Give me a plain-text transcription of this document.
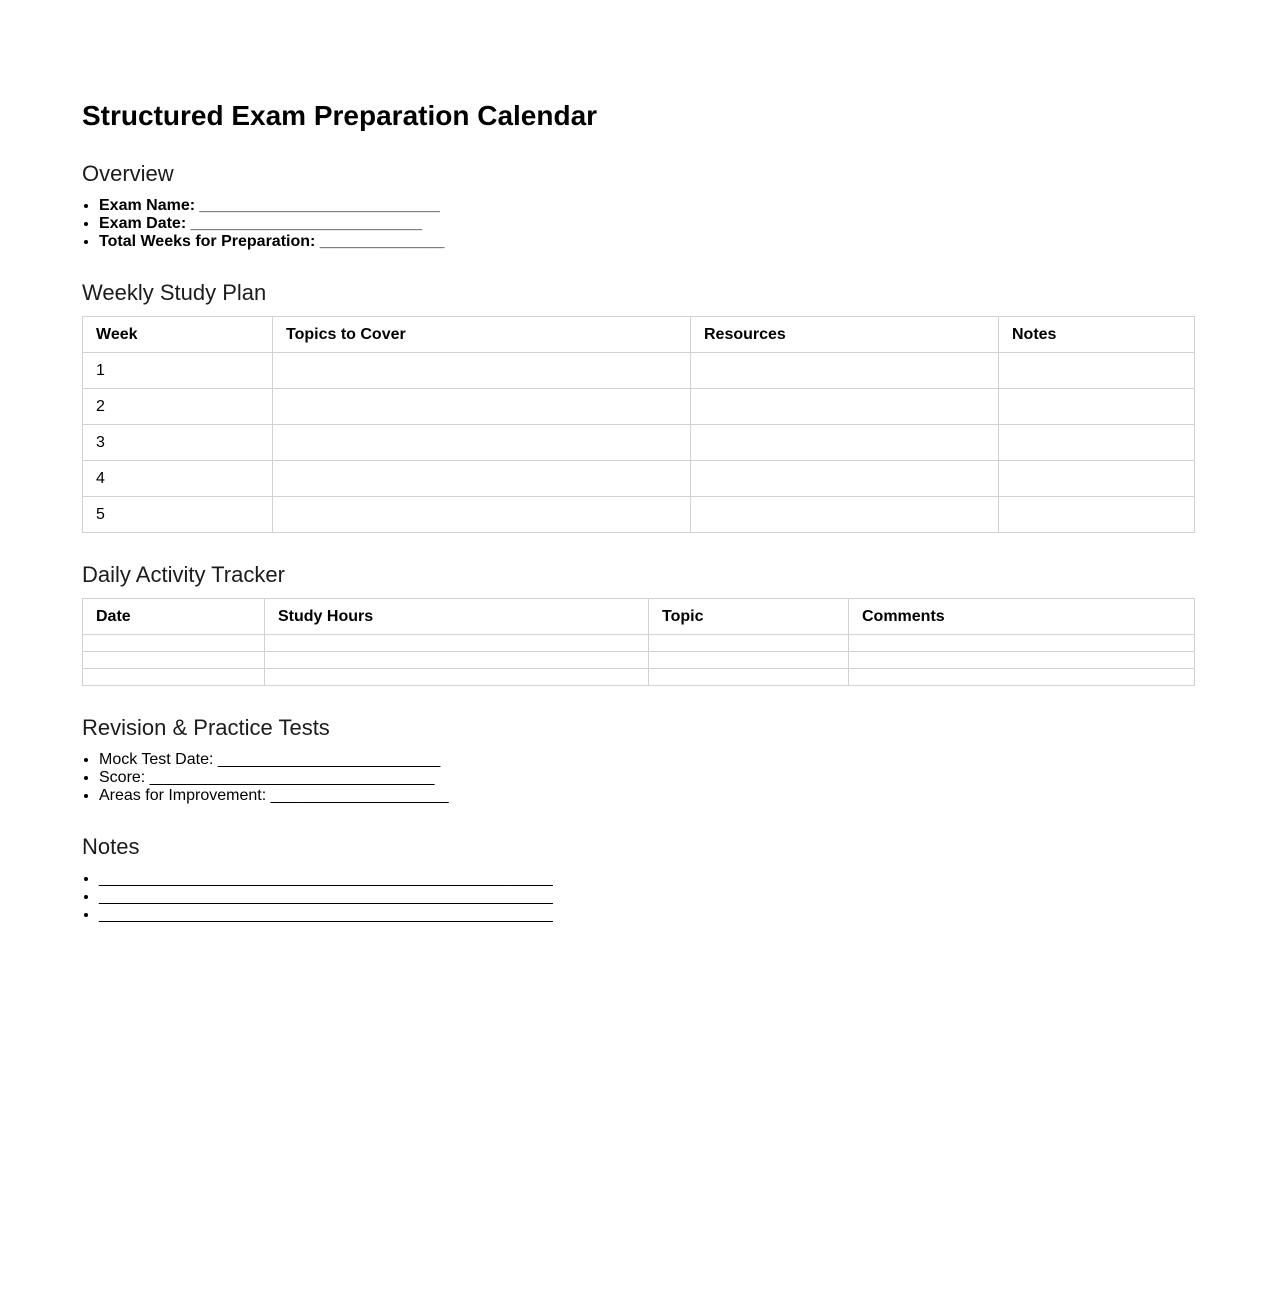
Structured Exam Preparation Calendar
Overview
• Exam Name: ___________________________
• Exam Date: __________________________
• Total Weeks for Preparation: ______________
Weekly Study Plan
Week	Topics to Cover	Resources	Notes
1			
2			
3			
4			
5			
Daily Activity Tracker
Date	Study Hours	Topic	Comments

Revision & Practice Tests
• Mock Test Date: _________________________
• Score: ________________________________
• Areas for Improvement: ____________________
Notes
• ___________________________________________________
• ___________________________________________________
• ___________________________________________________
